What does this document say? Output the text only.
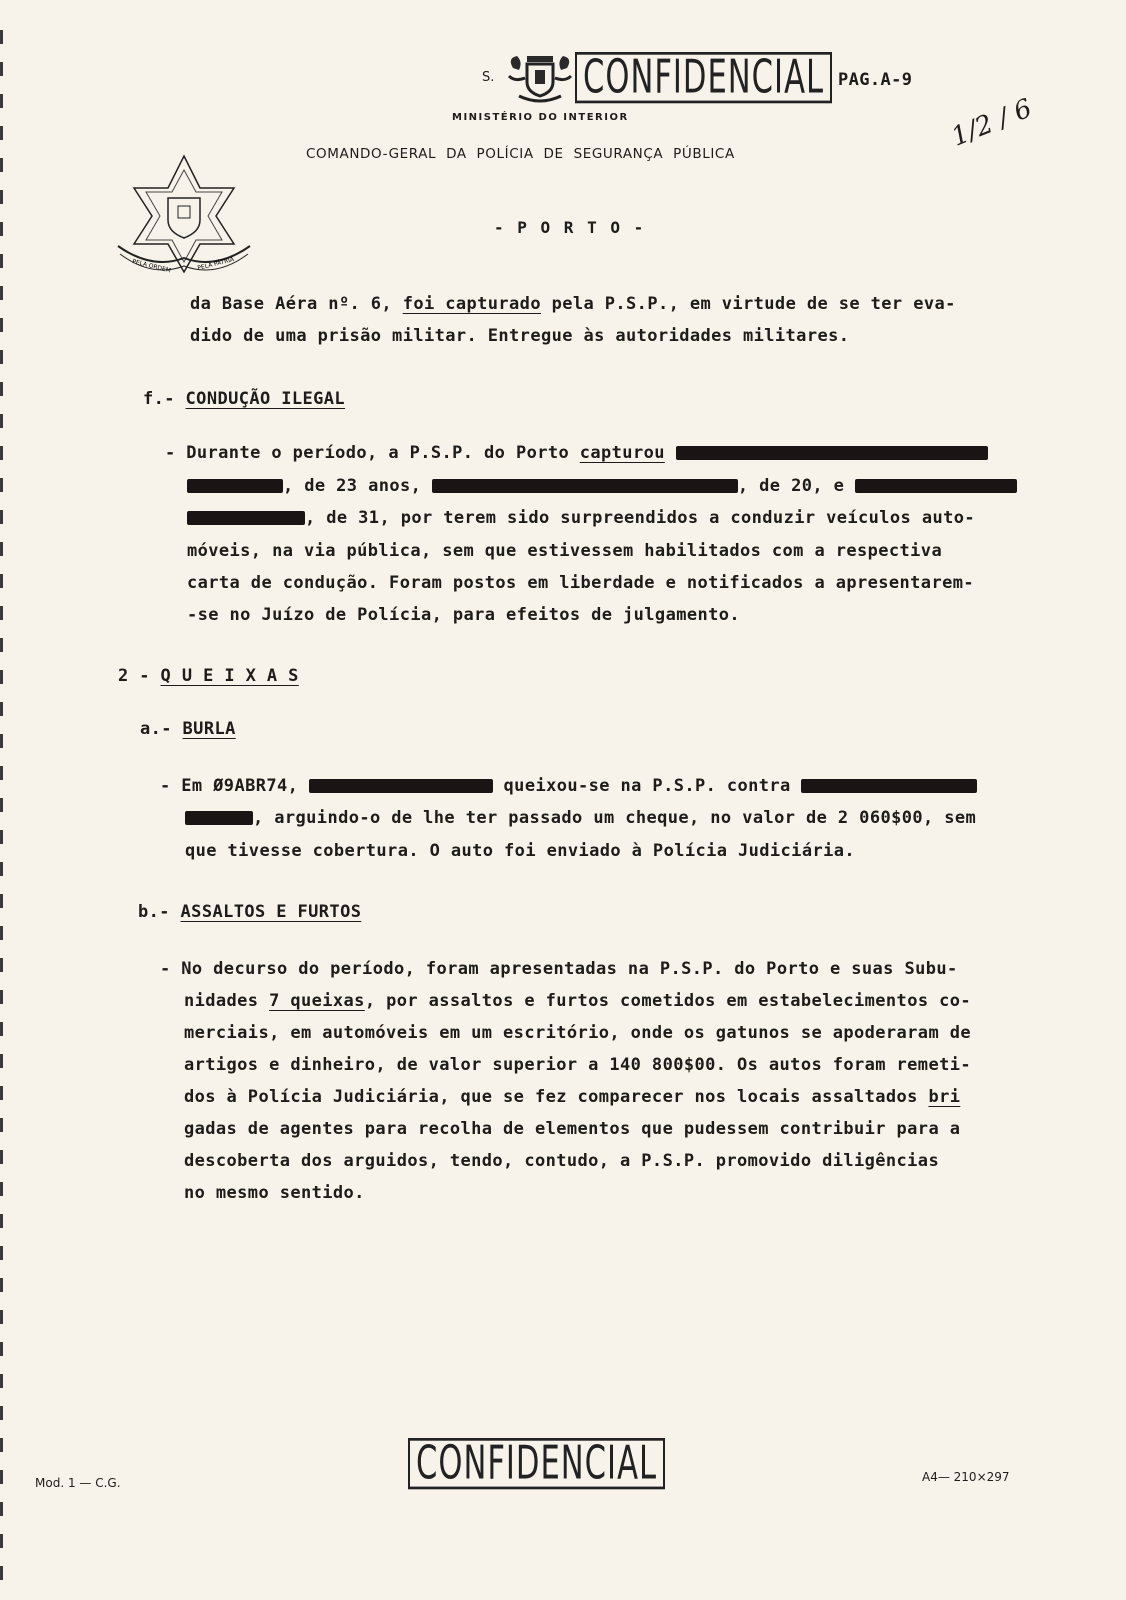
S.	CONFIDENCIAL PAG.A-9
MINISTÉRIO DO INTERIOR
COMANDO-GERAL DA POLÍCIA DE SEGURANÇA PÚBLICA
1/2 / 6
PELA ORDEM	PELA PÁTRIA
- P O R T O -
da Base Aéra nº. 6, foi capturado pela P.S.P., em virtude de se ter eva-
dido de uma prisão militar. Entregue às autoridades militares.
f.- CONDUÇÃO ILEGAL
- Durante o período, a P.S.P. do Porto capturou
, de 23 anos,	, de 20, e
, de 31, por terem sido surpreendidos a conduzir veículos auto-
móveis, na via pública, sem que estivessem habilitados com a respectiva
carta de condução. Foram postos em liberdade e notificados a apresentarem-
-se no Juízo de Polícia, para efeitos de julgamento.
2 - Q U E I X A S
a.- BURLA
- Em Ø9ABR74,	queixou-se na P.S.P. contra
, arguindo-o de lhe ter passado um cheque, no valor de 2 060$00, sem
que tivesse cobertura. O auto foi enviado à Polícia Judiciária.
b.- ASSALTOS E FURTOS
- No decurso do período, foram apresentadas na P.S.P. do Porto e suas Subu-
nidades 7 queixas, por assaltos e furtos cometidos em estabelecimentos co-
merciais, em automóveis em um escritório, onde os gatunos se apoderaram de
artigos e dinheiro, de valor superior a 140 800$00. Os autos foram remeti-
dos à Polícia Judiciária, que se fez comparecer nos locais assaltados bri
gadas de agentes para recolha de elementos que pudessem contribuir para a
descoberta dos arguidos, tendo, contudo, a P.S.P. promovido diligências
no mesmo sentido.
Mod. 1 — C.G.	CONFIDENCIAL	A4— 210×297
